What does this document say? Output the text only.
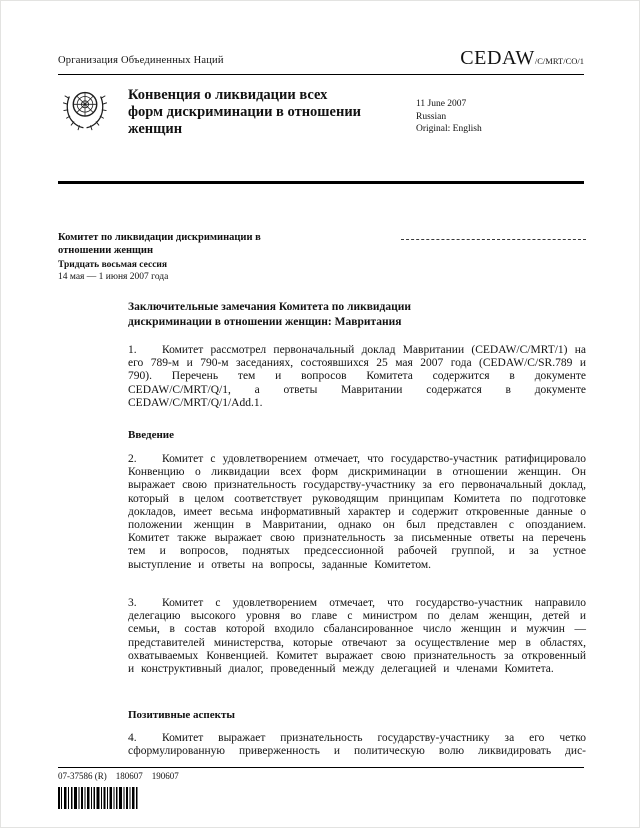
Организация Объединенных Наций	CEDAW/C/MRT/CO/1
Конвенция о ликвидации всех форм дискриминации в отношении женщин
11 June 2007
Russian
Original: English
Комитет по ликвидации дискриминации в отношении женщин
Тридцать восьмая сессия
14 мая — 1 июня 2007 года
Заключительные замечания Комитета по ликвидации дискриминации в отношении женщин: Мавритания

1. Комитет рассмотрел первоначальный доклад Мавритании (CEDAW/C/MRT/1) на его 789-м и 790-м заседаниях, состоявшихся 25 мая 2007 года (CEDAW/C/SR.789 и 790). Перечень тем и вопросов Комитета содержится в документе CEDAW/C/MRT/Q/1, а ответы Мавритании содержатся в документе CEDAW/C/MRT/Q/1/Add.1.

Введение

2. Комитет с удовлетворением отмечает, что государство-участник ратифицировало Конвенцию о ликвидации всех форм дискриминации в отношении женщин. Он выражает свою признательность государству-участнику за его первоначальный доклад, который в целом соответствует руководящим принципам Комитета по подготовке докладов, имеет весьма информативный характер и содержит откровенные данные о положении женщин в Мавритании, однако он был представлен с опозданием. Комитет также выражает свою признательность за письменные ответы на перечень тем и вопросов, поднятых предсессионной рабочей группой, и за устное выступление и ответы на вопросы, заданные Комитетом.

3. Комитет с удовлетворением отмечает, что государство-участник направило делегацию высокого уровня во главе с министром по делам женщин, детей и семьи, в состав которой входило сбалансированное число женщин и мужчин — представителей министерства, которые отвечают за осуществление мер в областях, охватываемых Конвенцией. Комитет выражает свою признательность за откровенный и конструктивный диалог, проведенный между делегацией и членами Комитета.

Позитивные аспекты

4. Комитет выражает признательность государству-участнику за его четко сформулированную приверженность и политическую волю ликвидировать дис-

07-37586 (R)    180607    190607
